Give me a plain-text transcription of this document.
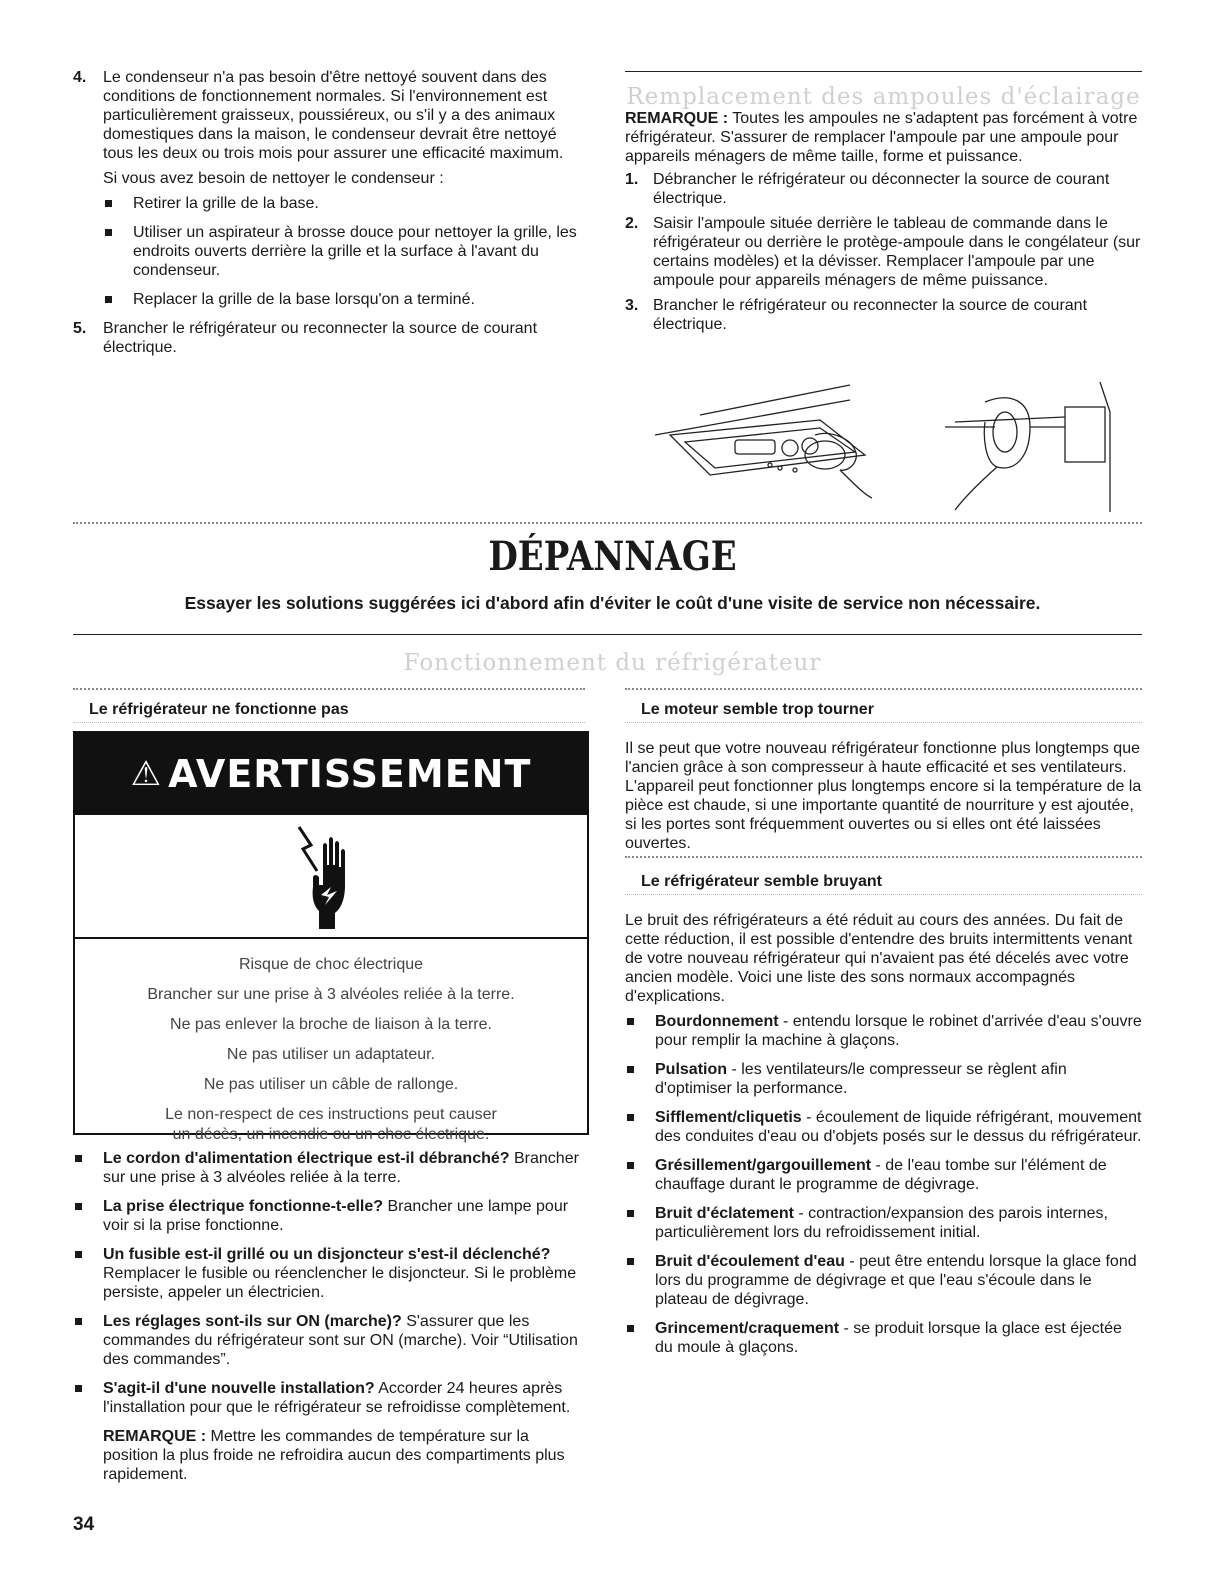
4. Le condenseur n'a pas besoin d'être nettoyé souvent dans des conditions de fonctionnement normales. Si l'environnement est particulièrement graisseux, poussiéreux, ou s'il y a des animaux domestiques dans la maison, le condenseur devrait être nettoyé tous les deux ou trois mois pour assurer une efficacité maximum.

Si vous avez besoin de nettoyer le condenseur :

Retirer la grille de la base.
Utiliser un aspirateur à brosse douce pour nettoyer la grille, les endroits ouverts derrière la grille et la surface à l'avant du condenseur.
Replacer la grille de la base lorsqu'on a terminé.
5. Brancher le réfrigérateur ou reconnecter la source de courant électrique.

Remplacement des ampoules d'éclairage

REMARQUE : Toutes les ampoules ne s'adaptent pas forcément à votre réfrigérateur. S'assurer de remplacer l'ampoule par une ampoule pour appareils ménagers de même taille, forme et puissance.

1. Débrancher le réfrigérateur ou déconnecter la source de courant électrique.

2. Saisir l'ampoule située derrière le tableau de commande dans le réfrigérateur ou derrière le protège-ampoule dans le congélateur (sur certains modèles) et la dévisser. Remplacer l'ampoule par une ampoule pour appareils ménagers de même puissance.

3. Brancher le réfrigérateur ou reconnecter la source de courant électrique.

DÉPANNAGE
Essayer les solutions suggérées ici d'abord afin d'éviter le coût d'une visite de service non nécessaire.
Fonctionnement du réfrigérateur
Le réfrigérateur ne fonctionne pas
⚠ AVERTISSEMENT

Risque de choc électrique

Brancher sur une prise à 3 alvéoles reliée à la terre.

Ne pas enlever la broche de liaison à la terre.

Ne pas utiliser un adaptateur.

Ne pas utiliser un câble de rallonge.

Le non-respect de ces instructions peut causer

un décès, un incendie ou un choc électrique.

Le cordon d'alimentation électrique est-il débranché? Brancher sur une prise à 3 alvéoles reliée à la terre.
La prise électrique fonctionne-t-elle? Brancher une lampe pour voir si la prise fonctionne.
Un fusible est-il grillé ou un disjoncteur s'est-il déclenché? Remplacer le fusible ou réenclencher le disjoncteur. Si le problème persiste, appeler un électricien.
Les réglages sont-ils sur ON (marche)? S'assurer que les commandes du réfrigérateur sont sur ON (marche). Voir “Utilisation des commandes”.
S'agit-il d'une nouvelle installation? Accorder 24 heures après l'installation pour que le réfrigérateur se refroidisse complètement.

REMARQUE : Mettre les commandes de température sur la position la plus froide ne refroidira aucun des compartiments plus rapidement.

Le moteur semble trop tourner

Il se peut que votre nouveau réfrigérateur fonctionne plus longtemps que l'ancien grâce à son compresseur à haute efficacité et ses ventilateurs. L'appareil peut fonctionner plus longtemps encore si la température de la pièce est chaude, si une importante quantité de nourriture y est ajoutée, si les portes sont fréquemment ouvertes ou si elles ont été laissées ouvertes.

Le réfrigérateur semble bruyant

Le bruit des réfrigérateurs a été réduit au cours des années. Du fait de cette réduction, il est possible d'entendre des bruits intermittents venant de votre nouveau réfrigérateur qui n'avaient pas été décelés avec votre ancien modèle. Voici une liste des sons normaux accompagnés d'explications.

Bourdonnement - entendu lorsque le robinet d'arrivée d'eau s'ouvre pour remplir la machine à glaçons.
Pulsation - les ventilateurs/le compresseur se règlent afin d'optimiser la performance.
Sifflement/cliquetis - écoulement de liquide réfrigérant, mouvement des conduites d'eau ou d'objets posés sur le dessus du réfrigérateur.
Grésillement/gargouillement - de l'eau tombe sur l'élément de chauffage durant le programme de dégivrage.
Bruit d'éclatement - contraction/expansion des parois internes, particulièrement lors du refroidissement initial.
Bruit d'écoulement d'eau - peut être entendu lorsque la glace fond lors du programme de dégivrage et que l'eau s'écoule dans le plateau de dégivrage.
Grincement/craquement - se produit lorsque la glace est éjectée du moule à glaçons.
34
